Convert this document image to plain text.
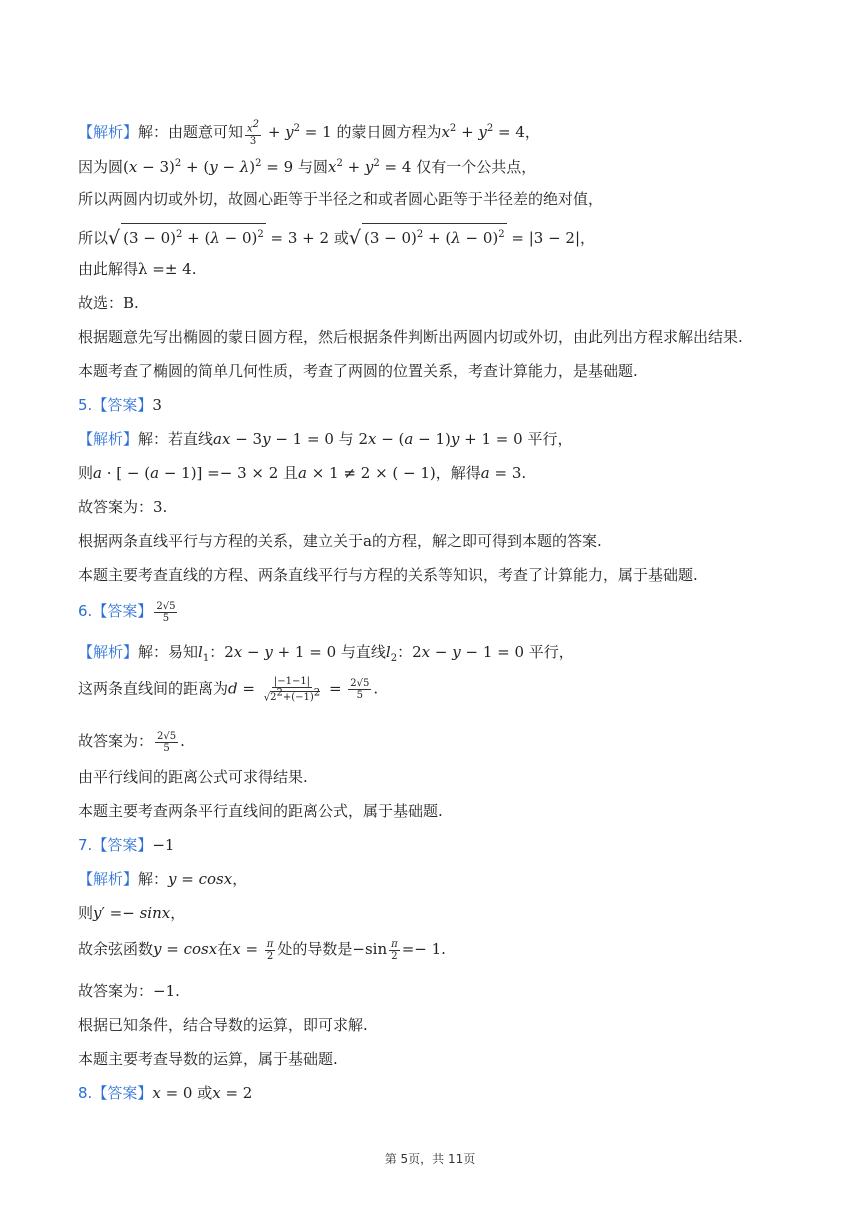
【解析】解：由题意可知 $\frac{x^2}{3} + y^2 = 1$ 的蒙日圆方程为$x^2 + y^2 = 4$，
因为圆$(x - 3)^2 + (y - \lambda)^2 = 9$ 与圆$x^2 + y^2 = 4$ 仅有一个公共点，
所以两圆内切或外切，故圆心距等于半径之和或者圆心距等于半径差的绝对值，
所以√ $(3 - 0)^2 + (\lambda - 0)^2 = 3 + 2$ 或√ $(3 - 0)^2 + (\lambda - 0)^2 = |3 - 2|$，
由此解得λ =± 4.
故选：B.
根据题意先写出椭圆的蒙日圆方程，然后根据条件判断出两圆内切或外切，由此列出方程求解出结果.
本题考查了椭圆的简单几何性质，考查了两圆的位置关系，考查计算能力，是基础题.
5.【答案】3
【解析】解：若直线ax − 3y − 1 = 0 与 2x − (a − 1)y + 1 = 0 平行，
则a · [ − (a − 1)] =− 3 × 2 且a × 1 ≠ 2 × ( − 1)，解得a = 3.
故答案为：3.
根据两条直线平行与方程的关系，建立关于a的方程，解之即可得到本题的答案.
本题主要考查直线的方程、两条直线平行与方程的关系等知识，考查了计算能力，属于基础题.
6.【答案】 $\frac{2√5}{5}$
【解析】解：易知$l_1$：2x − y + 1 = 0 与直线$l_2$：2x − y − 1 = 0 平行，
这两条直线间的距离为$d = \frac{|-1-1|}{√2^2+(-1)^2} = \frac{2√5}{5}$ .
故答案为： $\frac{2√5}{5}$ .
由平行线间的距离公式可求得结果.
本题主要考查两条平行直线间的距离公式，属于基础题.
7.【答案】−1
【解析】解：y = cosx，
则y′ =− sinx，
故余弦函数y = cosx在$x = \frac{\pi}{2}$ 处的导数是$-\sin \frac{\pi}{2} =- 1$.
故答案为：−1.
根据已知条件，结合导数的运算，即可求解.
本题主要考查导数的运算，属于基础题.
8.【答案】x = 0 或x = 2
第 5页，共 11页
